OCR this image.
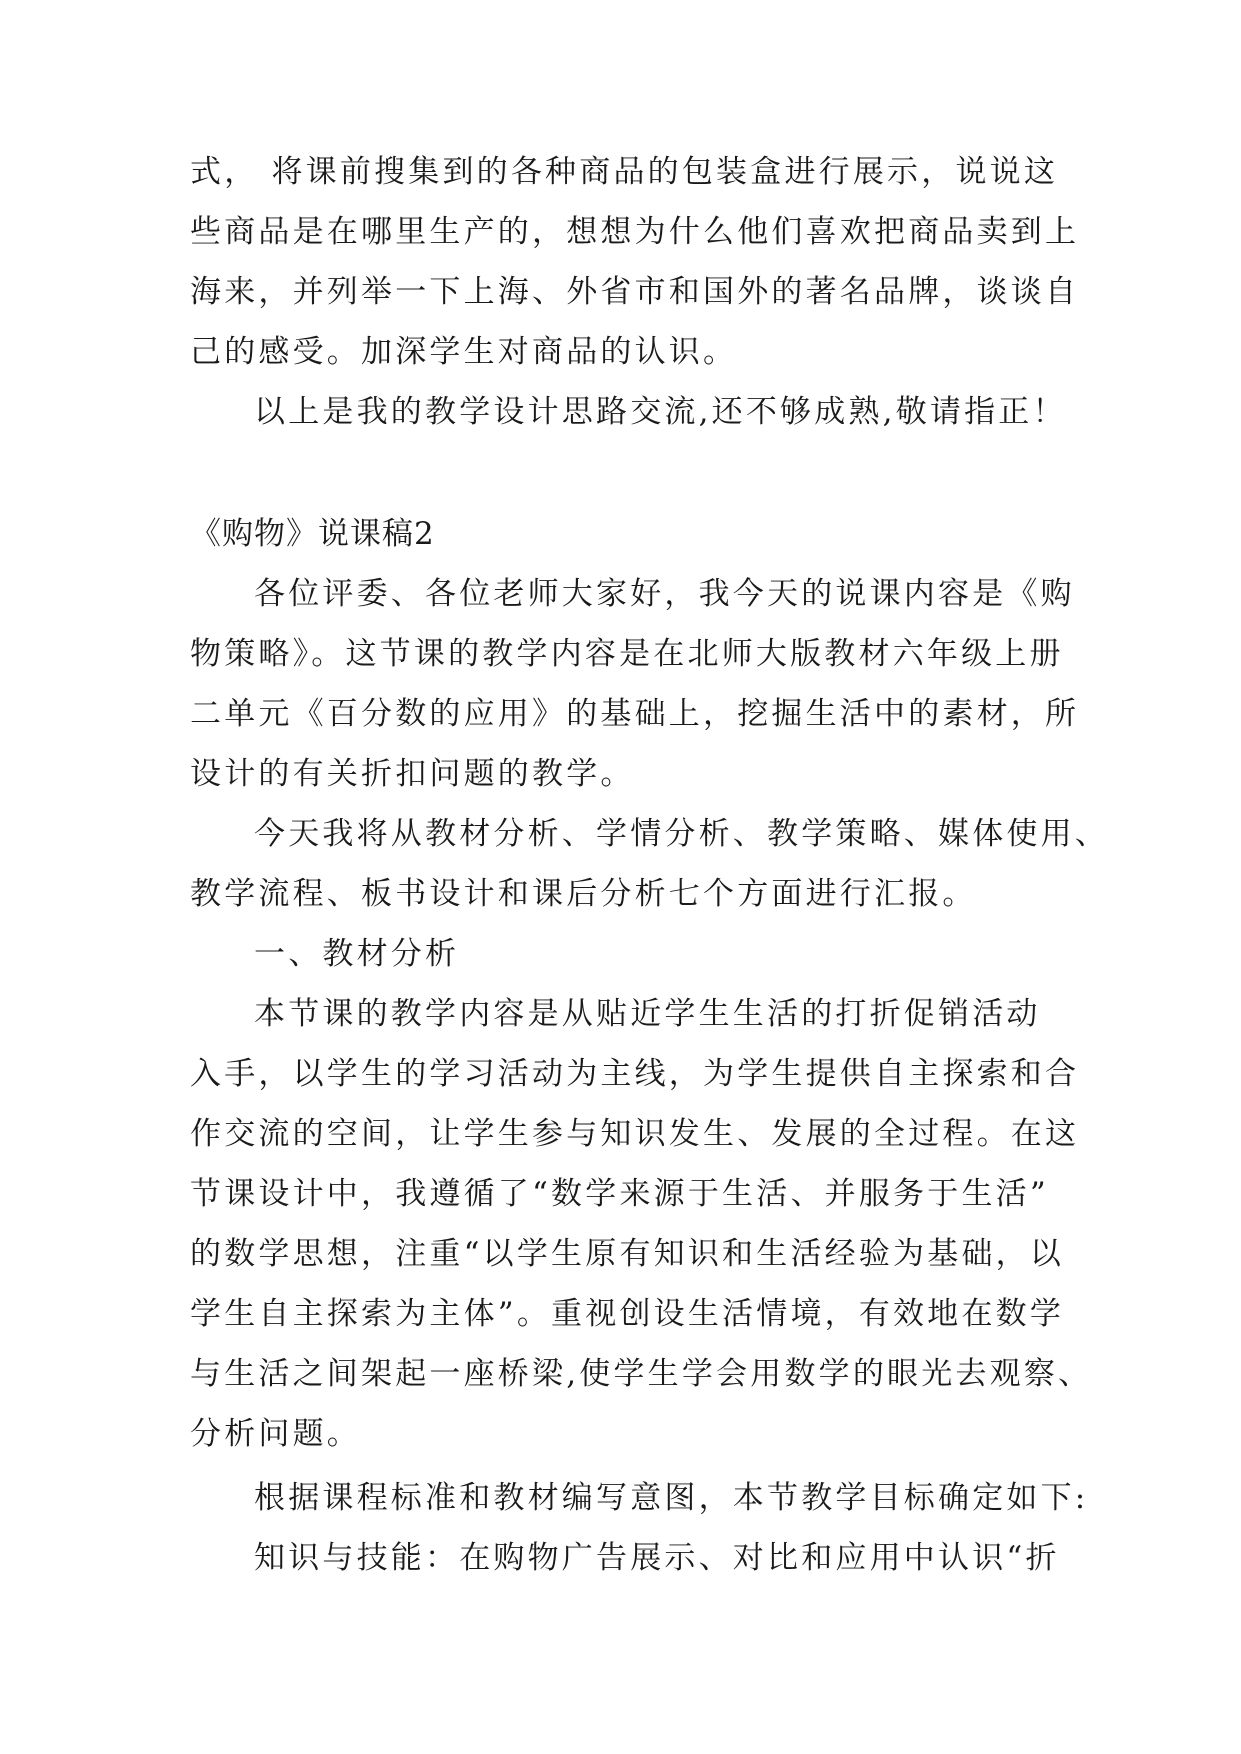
式， 将课前搜集到的各种商品的包装盒进行展示，说说这
些商品是在哪里生产的，想想为什么他们喜欢把商品卖到上
海来，并列举一下上海、外省市和国外的著名品牌，谈谈自
己的感受。加深学生对商品的认识。
以上是我的教学设计思路交流,还不够成熟,敬请指正！
《购物》说课稿2
各位评委、各位老师大家好，我今天的说课内容是《购
物策略》。这节课的教学内容是在北师大版教材六年级上册
二单元《百分数的应用》的基础上，挖掘生活中的素材，所
设计的有关折扣问题的教学。
今天我将从教材分析、学情分析、教学策略、媒体使用、
教学流程、板书设计和课后分析七个方面进行汇报。
一、教材分析
本节课的教学内容是从贴近学生生活的打折促销活动
入手，以学生的学习活动为主线，为学生提供自主探索和合
作交流的空间，让学生参与知识发生、发展的全过程。在这
节课设计中，我遵循了“数学来源于生活、并服务于生活”
的数学思想，注重“以学生原有知识和生活经验为基础，以
学生自主探索为主体”。重视创设生活情境，有效地在数学
与生活之间架起一座桥梁,使学生学会用数学的眼光去观察、
分析问题。
根据课程标准和教材编写意图，本节教学目标确定如下:
知识与技能：在购物广告展示、对比和应用中认识“折
